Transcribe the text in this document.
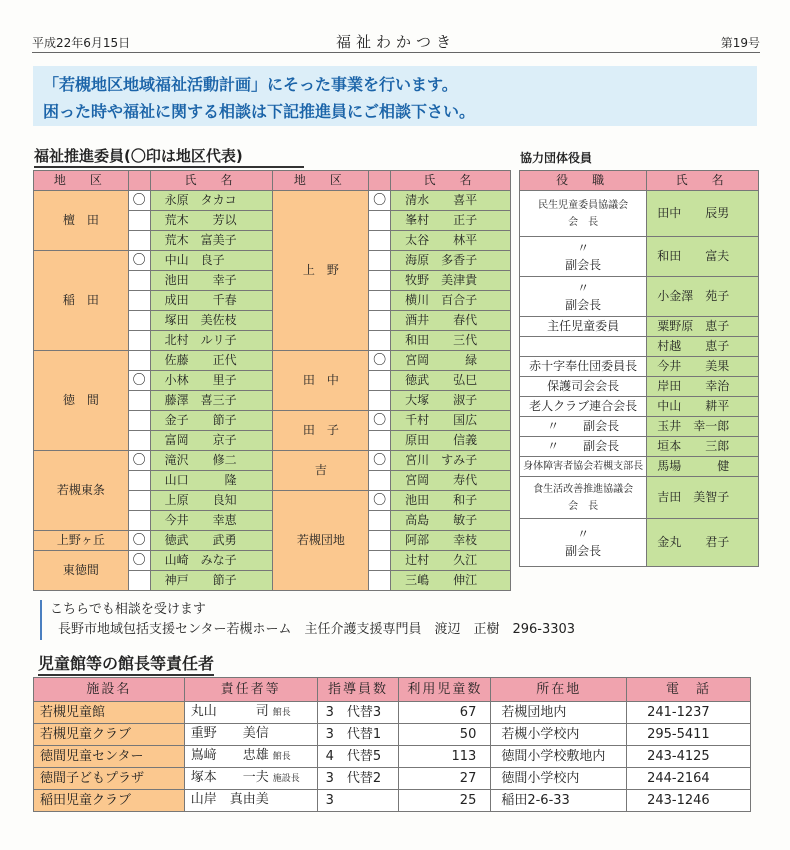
平成22年6月15日	福祉わかつき	第19号
「若槻地区地域福祉活動計画」にそった事業を行います。
困った時や福祉に関する相談は下記推進員にご相談下さい。
福祉推進委員(〇印は地区代表)	協力団体役員
地　区		氏　名	地　区		氏　名
檀　田	〇	永原　タカコ	上　野	〇	清水　　喜平
		荒木　　芳以			峯村　　正子
		荒木　富美子			太谷　　林平
稲　田	〇	中山　良子			海原　多香子
		池田　　幸子			牧野　美津貴
		成田　　千春			横川　百合子
		塚田　美佐枝			酒井　　春代
		北村　ルリ子			和田　　三代
徳　間		佐藤　　正代	田　中	〇	宮岡　　　緑
	〇	小林　　里子			徳武　　弘巳
		藤澤　喜三子			大塚　　淑子
		金子　　節子	田　子	〇	千村　　国広
		富岡　　京子			原田　　信義
若槻東条	〇	滝沢　　修二	吉	〇	宮川　すみ子
		山口　　　隆			宮岡　　寿代
		上原　　良知	若槻団地	〇	池田　　和子
		今井　　幸恵			高島　　敏子
上野ヶ丘	〇	徳武　　武勇			阿部　　幸枝
東徳間	〇	山崎　みな子			辻村　　久江
		神戸　　節子			三嶋　　伸江
役　職	氏　名
民生児童委員協議会
会　長	田中　　辰男
〃
副会長	和田　　富夫
〃
副会長	小金澤　苑子
主任児童委員	粟野原　恵子
	村越　　恵子
赤十字奉仕団委員長	今井　　美果
保護司会会長	岸田　　幸治
老人クラブ連合会長	中山　　耕平
〃　　副会長	玉井　幸一郎
〃　　副会長	垣本　　三郎
身体障害者協会若槻支部長	馬場　　　健
食生活改善推進協議会
会　長	吉田　美智子
〃
副会長	金丸　　君子
こちらでも相談を受けます
長野市地域包括支援センター若槻ホーム　主任介護支援専門員　渡辺　正樹　296-3303
児童館等の館長等責任者
施設名	責任者等	指導員数	利用児童数	所在地	電　話
若槻児童館	丸山　　　司 館長	3　代替3	67	若槻団地内	241-1237
若槻児童クラブ	重野　　美信	3　代替1	50	若槻小学校内	295-5411
徳間児童センター	嶌﨑　　忠雄 館長	4　代替5	113	徳間小学校敷地内	243-4125
徳間子どもプラザ	塚本　　一夫 施設長	3　代替2	27	徳間小学校内	244-2164
稲田児童クラブ	山岸　真由美	3	25	稲田2-6-33	243-1246
